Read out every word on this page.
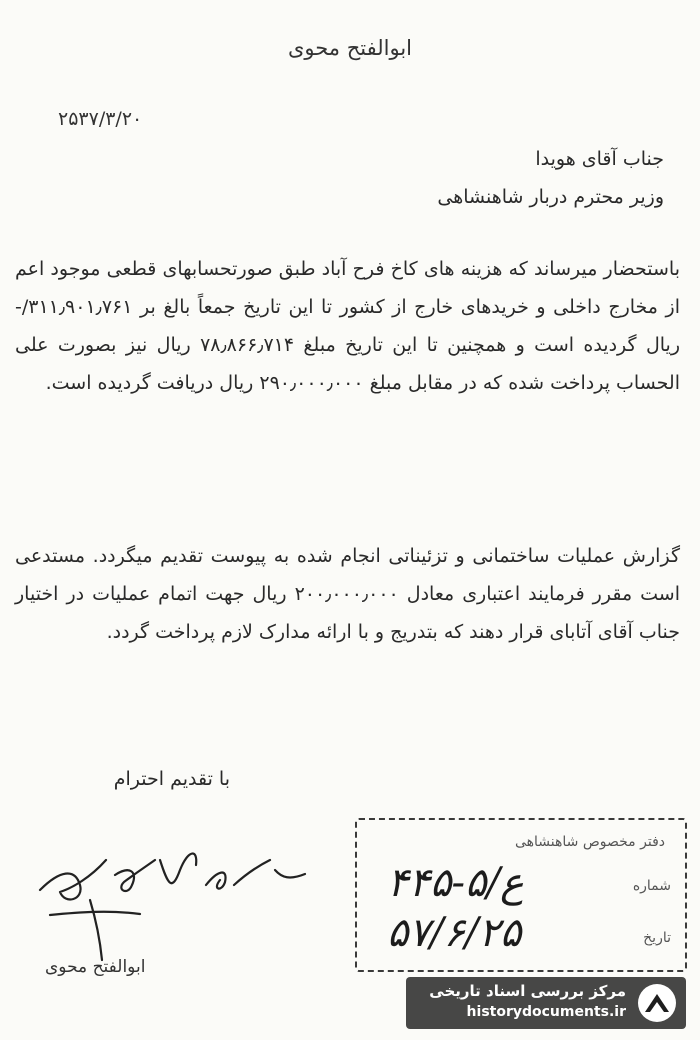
ابوالفتح محوی
۲۵۳۷/۳/۲۰
جناب آقای هویدا
وزیر محترم دربار شاهنشاهی

باستحضار میرساند که هزینه های کاخ فرح آباد طبق صورتحسابهای قطعی موجود اعم از مخارج داخلی و خریدهای خارج از کشور تا این تاریخ جمعاً بالغ بر ۳۱۱٫۹۰۱٫۷۶۱/- ریال گردیده است و همچنین تا این تاریخ مبلغ ۷۸٫۸۶۶٫۷۱۴ ریال نیز بصورت علی الحساب پرداخت شده که در مقابل مبلغ ۲۹۰٫۰۰۰٫۰۰۰ ریال دریافت گردیده است.

گزارش عملیات ساختمانی و تزئیناتی انجام شده به پیوست تقدیم میگردد. مستدعی است مقرر فرمایند اعتباری معادل ۲۰۰٫۰۰۰٫۰۰۰ ریال جهت اتمام عملیات در اختیار جناب آقای آتابای قرار دهند که بتدریج و با ارائه مدارک لازم پرداخت گردد.

با تقدیم احترام
ابوالفتح محوی
دفتر مخصوص شاهنشاهی
شماره
۴۴۵-۵/ع
تاریخ
۵۷/۶/۲۵
مرکز بررسی اسناد تاریخی
historydocuments.ir
